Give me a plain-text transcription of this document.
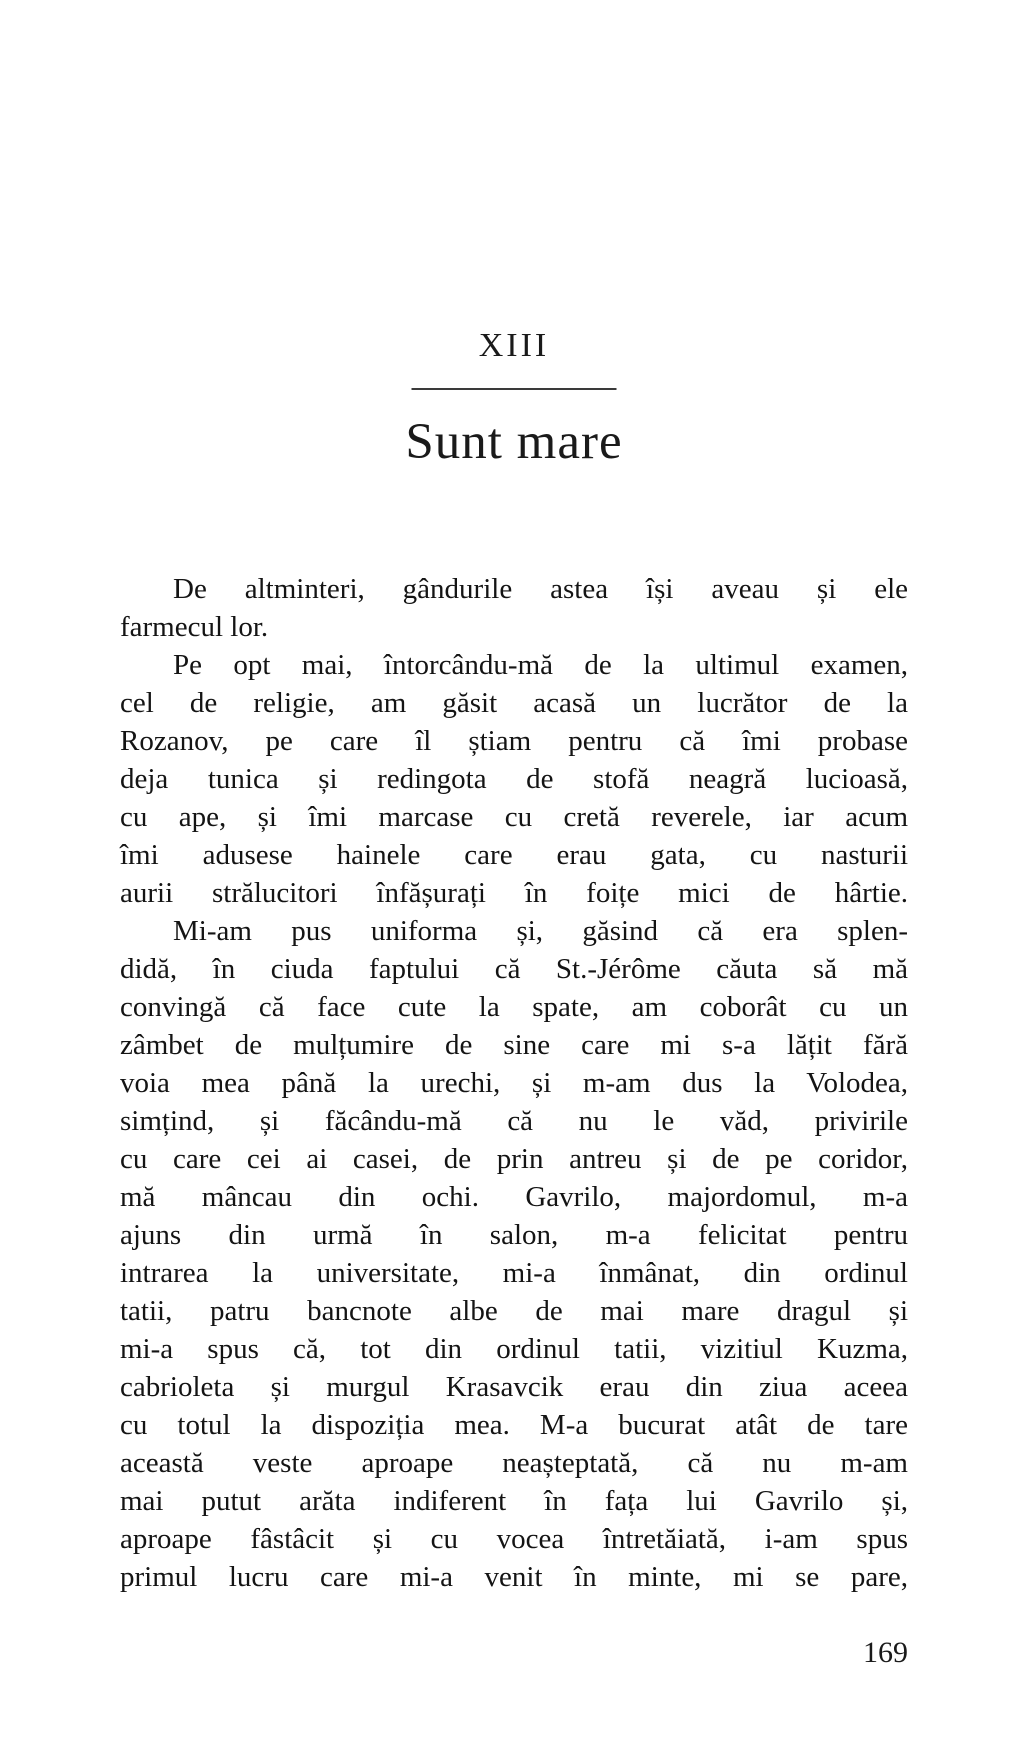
XIII
Sunt mare
De altminteri, gândurile astea își aveau și ele
farmecul lor.
Pe opt mai, întorcându-mă de la ultimul examen,
cel de religie, am găsit acasă un lucrător de la
Rozanov, pe care îl știam pentru că îmi probase
deja tunica și redingota de stofă neagră lucioasă,
cu ape, și îmi marcase cu cretă reverele, iar acum
îmi adusese hainele care erau gata, cu nasturii
aurii strălucitori înfășurați în foițe mici de hârtie.
Mi-am pus uniforma și, găsind că era splen-
didă, în ciuda faptului că St.-Jérôme căuta să mă
convingă că face cute la spate, am coborât cu un
zâmbet de mulțumire de sine care mi s-a lățit fără
voia mea până la urechi, și m-am dus la Volodea,
simțind, și făcându-mă că nu le văd, privirile
cu care cei ai casei, de prin antreu și de pe coridor,
mă mâncau din ochi. Gavrilo, majordomul, m-a
ajuns din urmă în salon, m-a felicitat pentru
intrarea la universitate, mi-a înmânat, din ordinul
tatii, patru bancnote albe de mai mare dragul și
mi-a spus că, tot din ordinul tatii, vizitiul Kuzma,
cabrioleta și murgul Krasavcik erau din ziua aceea
cu totul la dispoziția mea. M-a bucurat atât de tare
această veste aproape neașteptată, că nu m-am
mai putut arăta indiferent în fața lui Gavrilo și,
aproape fâstâcit și cu vocea întretăiată, i-am spus
primul lucru care mi-a venit în minte, mi se pare,
169
